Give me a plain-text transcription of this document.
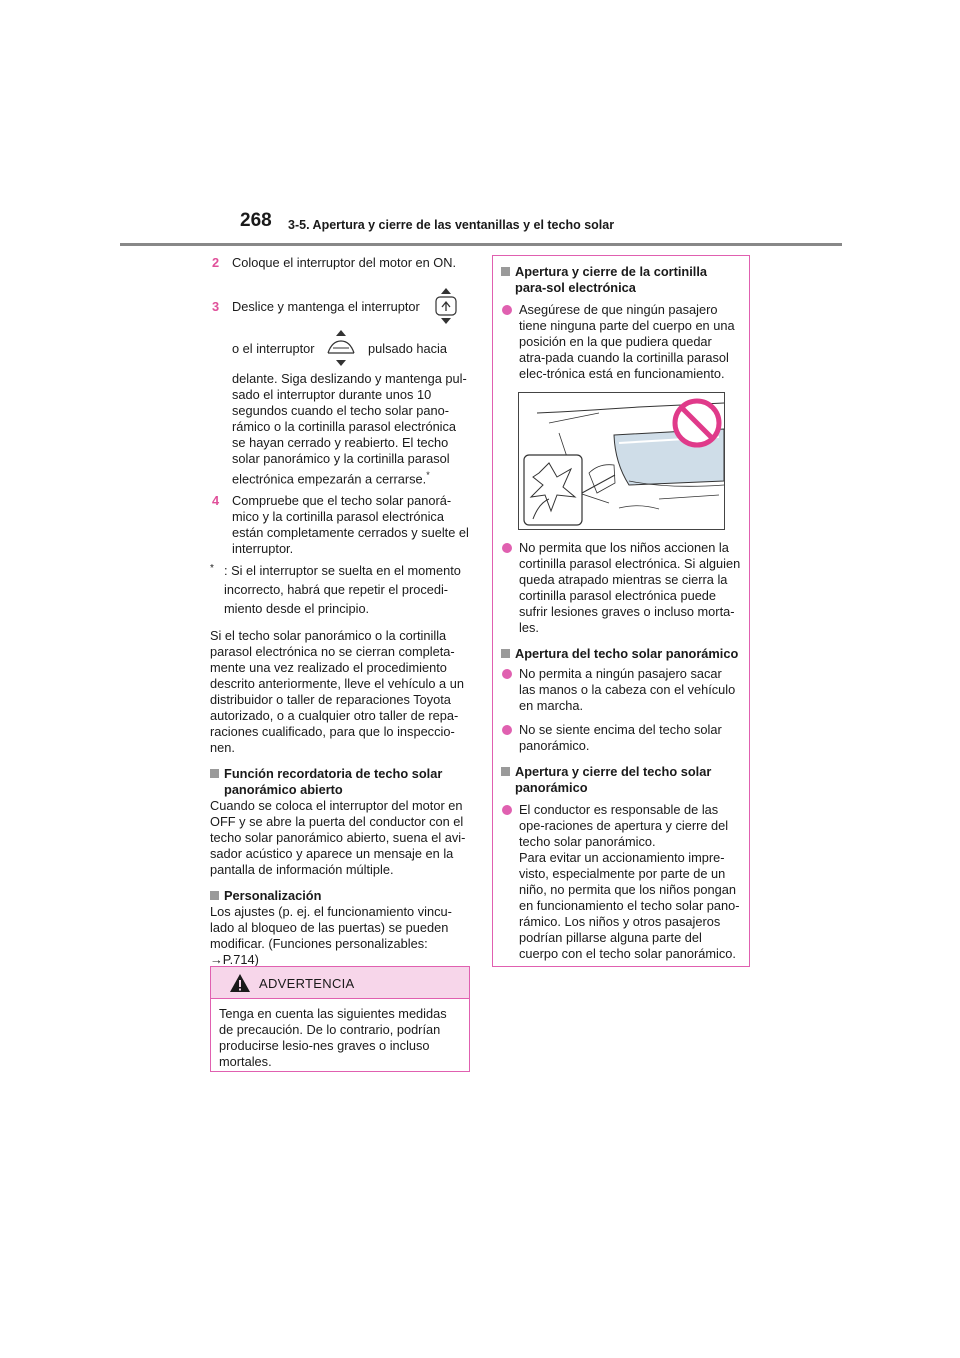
268 3-5. Apertura y cierre de las ventanillas y el techo solar
2 Coloque el interruptor del motor en ON.
3 Deslice y mantenga el interruptor
o el interruptor	pulsado hacia

delante. Siga deslizando y mantenga pul-sado el interruptor durante unos 10 segundos cuando el techo solar pano-rámico o la cortinilla parasol electrónica se hayan cerrado y reabierto. El techo solar panorámico y la cortinilla parasol electrónica empezarán a cerrarse.*

4 Compruebe que el techo solar panorá-mico y la cortinilla parasol electrónica están completamente cerrados y suelte el interruptor.
* : Si el interruptor se suelta en el momento incorrecto, habrá que repetir el procedi-miento desde el principio.

Si el techo solar panorámico o la cortinilla parasol electrónica no se cierran completa-mente una vez realizado el procedimiento descrito anteriormente, lleve el vehículo a un distribuidor o taller de reparaciones Toyota autorizado, o a cualquier otro taller de repa-raciones cualificado, para que lo inspeccio-nen.

Función recordatoria de techo solar panorámico abierto

Cuando se coloca el interruptor del motor en OFF y se abre la puerta del conductor con el techo solar panorámico abierto, suena el avi-sador acústico y aparece un mensaje en la pantalla de información múltiple.

Personalización

Los ajustes (p. ej. el funcionamiento vincu-lado al bloqueo de las puertas) se pueden modificar. (Funciones personalizables:
→P.714)

ADVERTENCIA
Tenga en cuenta las siguientes medidas de precaución. De lo contrario, podrían producirse lesio-nes graves o incluso mortales.
Apertura y cierre de la cortinilla para-sol electrónica
Asegúrese de que ningún pasajero tiene ninguna parte del cuerpo en una posición en la que pudiera quedar atra-pada cuando la cortinilla parasol elec-trónica está en funcionamiento.
No permita que los niños accionen la cortinilla parasol electrónica. Si alguien queda atrapado mientras se cierra la cortinilla parasol electrónica puede sufrir lesiones graves o incluso morta-les.
Apertura del techo solar panorámico
No permita a ningún pasajero sacar las manos o la cabeza con el vehículo en marcha.
No se siente encima del techo solar panorámico.
Apertura y cierre del techo solar panorámico
El conductor es responsable de las ope-raciones de apertura y cierre del techo solar panorámico.
Para evitar un accionamiento impre-visto, especialmente por parte de un niño, no permita que los niños pongan en funcionamiento el techo solar pano-rámico. Los niños y otros pasajeros podrían pillarse alguna parte del cuerpo con el techo solar panorámico.
